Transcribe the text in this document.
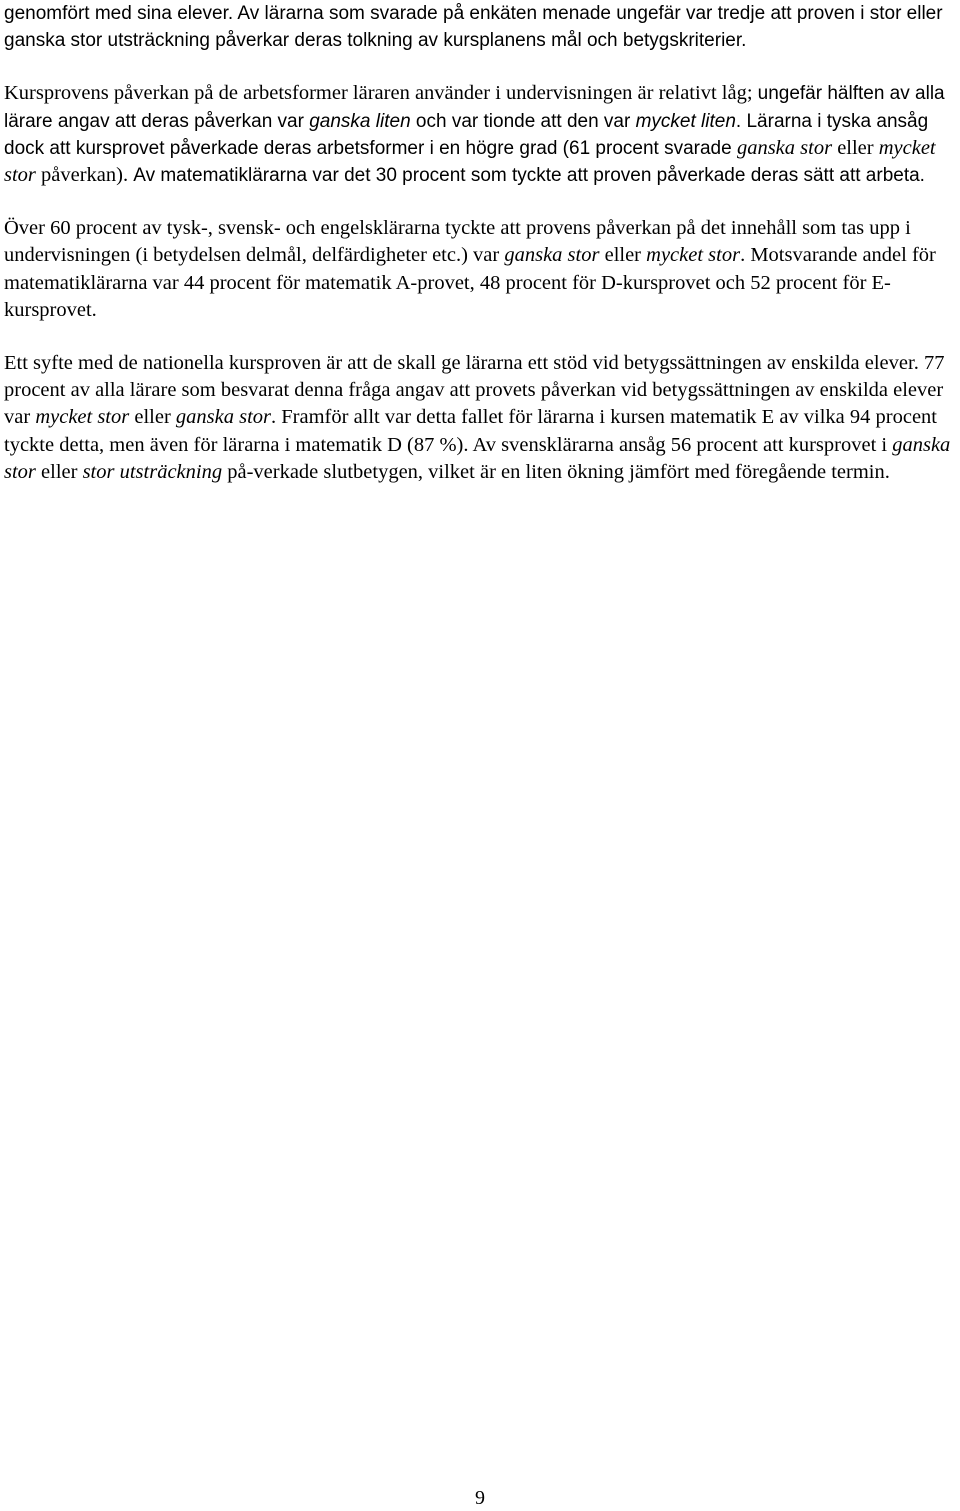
genomfört med sina elever. Av lärarna som svarade på enkäten menade ungefär var tredje att proven i stor eller ganska stor utsträckning påverkar deras tolkning av kursplanens mål och betygskriterier.

Kursprovens påverkan på de arbetsformer läraren använder i undervisningen är relativt låg; ungefär hälften av alla lärare angav att deras påverkan var ganska liten och var tionde att den var mycket liten. Lärarna i tyska ansåg dock att kursprovet påverkade deras arbetsformer i en högre grad (61 procent svarade ganska stor eller mycket stor påverkan). Av matematiklärarna var det 30 procent som tyckte att proven påverkade deras sätt att arbeta.

Över 60 procent av tysk-, svensk- och engelsklärarna tyckte att provens påverkan på det innehåll som tas upp i undervisningen (i betydelsen delmål, delfärdigheter etc.) var ganska stor eller mycket stor. Motsvarande andel för matematiklärarna var 44 procent för matematik A-provet, 48 procent för D-kursprovet och 52 procent för E-kursprovet.

Ett syfte med de nationella kursproven är att de skall ge lärarna ett stöd vid betygssättningen av enskilda elever. 77 procent av alla lärare som besvarat denna fråga angav att provets påverkan vid betygssättningen av enskilda elever var mycket stor eller ganska stor. Framför allt var detta fallet för lärarna i kursen matematik E av vilka 94 procent tyckte detta, men även för lärarna i matematik D (87 %). Av svensklärarna ansåg 56 procent att kursprovet i ganska stor eller stor utsträckning på-verkade slutbetygen, vilket är en liten ökning jämfört med föregående termin.

9
